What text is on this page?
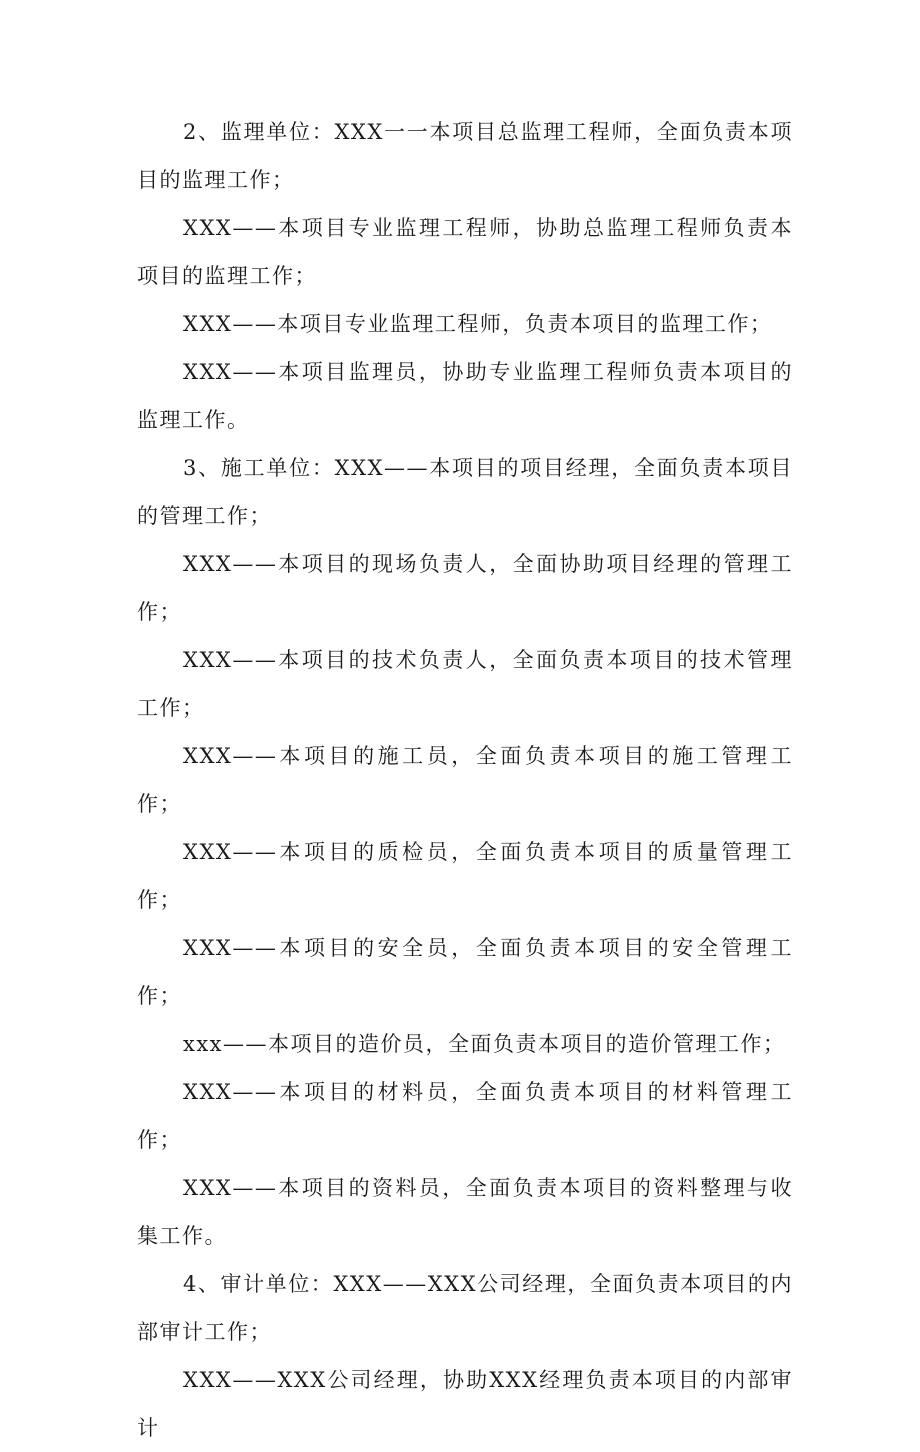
2、监理单位：XXX一一本项目总监理工程师，全面负责本项目的监理工作；

XXX——本项目专业监理工程师，协助总监理工程师负责本项目的监理工作；

XXX——本项目专业监理工程师，负责本项目的监理工作；

XXX——本项目监理员，协助专业监理工程师负责本项目的监理工作。

3、施工单位：XXX——本项目的项目经理，全面负责本项目的管理工作；

XXX——本项目的现场负责人，全面协助项目经理的管理工作；

XXX——本项目的技术负责人，全面负责本项目的技术管理工作；

XXX——本项目的施工员，全面负责本项目的施工管理工作；

XXX——本项目的质检员，全面负责本项目的质量管理工作；

XXX——本项目的安全员，全面负责本项目的安全管理工作；

xxx——本项目的造价员，全面负责本项目的造价管理工作；

XXX——本项目的材料员，全面负责本项目的材料管理工作；

XXX——本项目的资料员，全面负责本项目的资料整理与收集工作。

4、审计单位：XXX——XXX公司经理，全面负责本项目的内部审计工作；

XXX——XXX公司经理，协助XXX经理负责本项目的内部审计
